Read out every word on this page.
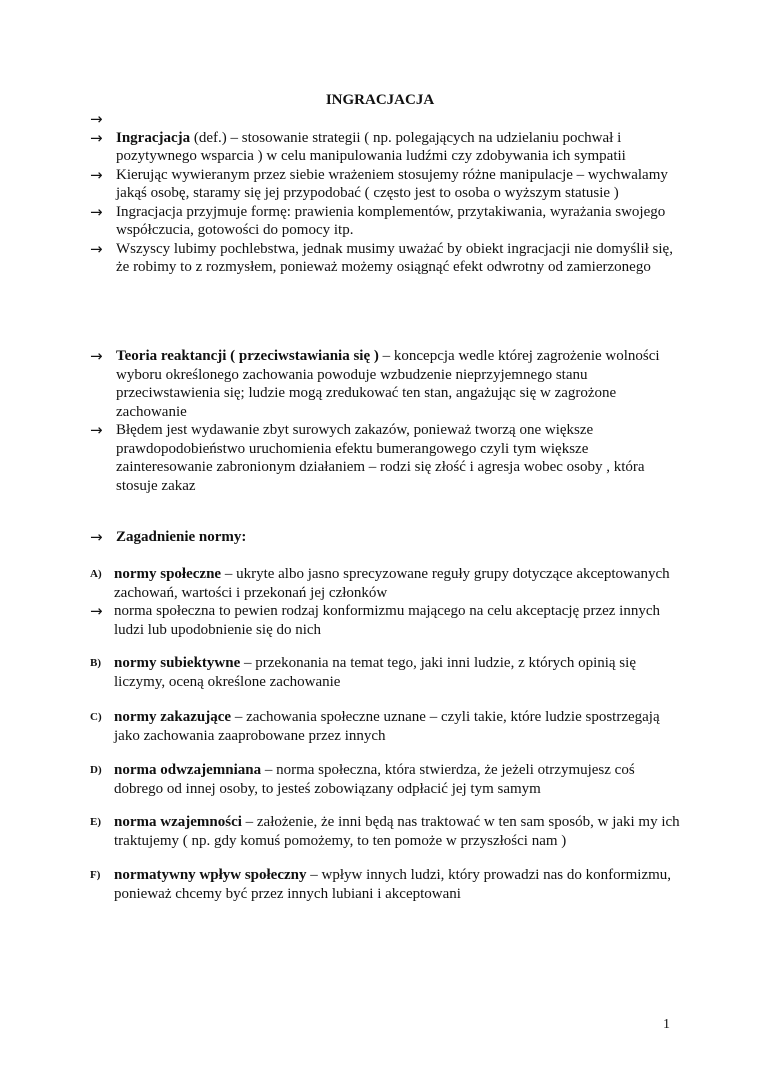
INGRACJACJA
→
→ Ingracjacja (def.) – stosowanie strategii ( np. polegających na udzielaniu pochwał i pozytywnego wsparcia ) w celu manipulowania ludźmi czy zdobywania ich sympatii
→ Kierując wywieranym przez siebie wrażeniem stosujemy różne manipulacje – wychwalamy jakąś osobę, staramy się jej przypodobać ( często jest to osoba o wyższym statusie )
→ Ingracjacja przyjmuje formę: prawienia komplementów, przytakiwania, wyrażania swojego współczucia, gotowości do pomocy itp.
→ Wszyscy lubimy pochlebstwa, jednak musimy uważać by obiekt ingracjacji nie domyślił się, że robimy to z rozmysłem, ponieważ możemy osiągnąć efekt odwrotny od zamierzonego
→ Teoria reaktancji ( przeciwstawiania się ) – koncepcja wedle której zagrożenie wolności wyboru określonego zachowania powoduje wzbudzenie nieprzyjemnego stanu przeciwstawienia się; ludzie mogą zredukować ten stan, angażując się w zagrożone zachowanie
→ Błędem jest wydawanie zbyt surowych zakazów, ponieważ tworzą one większe prawdopodobieństwo uruchomienia efektu bumerangowego czyli tym większe zainteresowanie zabronionym działaniem – rodzi się złość i agresja wobec osoby , która stosuje zakaz
→ Zagadnienie normy:
A) normy społeczne – ukryte albo jasno sprecyzowane reguły grupy dotyczące akceptowanych zachowań, wartości i przekonań jej członków
→ norma społeczna to pewien rodzaj konformizmu mającego na celu akceptację przez innych ludzi lub upodobnienie się do nich
B) normy subiektywne – przekonania na temat tego, jaki inni ludzie, z których opinią się liczymy, oceną określone zachowanie
C) normy zakazujące – zachowania społeczne uznane – czyli takie, które ludzie spostrzegają jako zachowania zaaprobowane przez innych
D) norma odwzajemniana – norma społeczna, która stwierdza, że jeżeli otrzymujesz coś dobrego od innej osoby, to jesteś zobowiązany odpłacić jej tym samym
E) norma wzajemności – założenie, że inni będą nas traktować w ten sam sposób, w jaki my ich traktujemy ( np. gdy komuś pomożemy, to ten pomoże w przyszłości nam )
F) normatywny wpływ społeczny – wpływ innych ludzi, który prowadzi nas do konformizmu, ponieważ chcemy być przez innych lubiani i akceptowani
1
